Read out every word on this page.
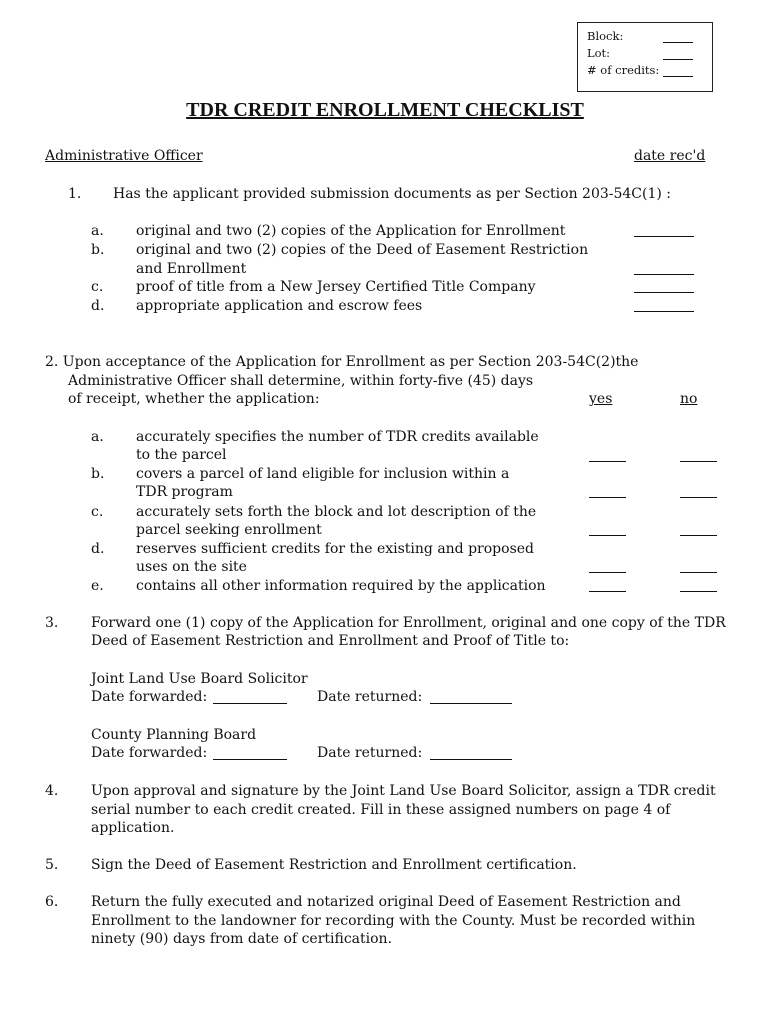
Block:
Lot:
# of credits:
TDR CREDIT ENROLLMENT CHECKLIST
Administrative Officer	date rec'd
1. Has the applicant provided submission documents as per Section 203-54C(1) :
a. original and two (2) copies of the Application for Enrollment
b. original and two (2) copies of the Deed of Easement Restriction
and Enrollment
c. proof of title from a New Jersey Certified Title Company
d. appropriate application and escrow fees
2. Upon acceptance of the Application for Enrollment as per Section 203-54C(2)the
Administrative Officer shall determine, within forty-five (45) days
of receipt, whether the application:	yes	no
a. accurately specifies the number of TDR credits available
to the parcel
b. covers a parcel of land eligible for inclusion within a
TDR program
c. accurately sets forth the block and lot description of the
parcel seeking enrollment
d. reserves sufficient credits for the existing and proposed
uses on the site
e. contains all other information required by the application
3. Forward one (1) copy of the Application for Enrollment, original and one copy of the TDR
Deed of Easement Restriction and Enrollment and Proof of Title to:
Joint Land Use Board Solicitor
Date forwarded:	Date returned:
County Planning Board
Date forwarded:	Date returned:
4. Upon approval and signature by the Joint Land Use Board Solicitor, assign a TDR credit
serial number to each credit created. Fill in these assigned numbers on page 4 of
application.
5. Sign the Deed of Easement Restriction and Enrollment certification.
6. Return the fully executed and notarized original Deed of Easement Restriction and
Enrollment to the landowner for recording with the County. Must be recorded within
ninety (90) days from date of certification.
